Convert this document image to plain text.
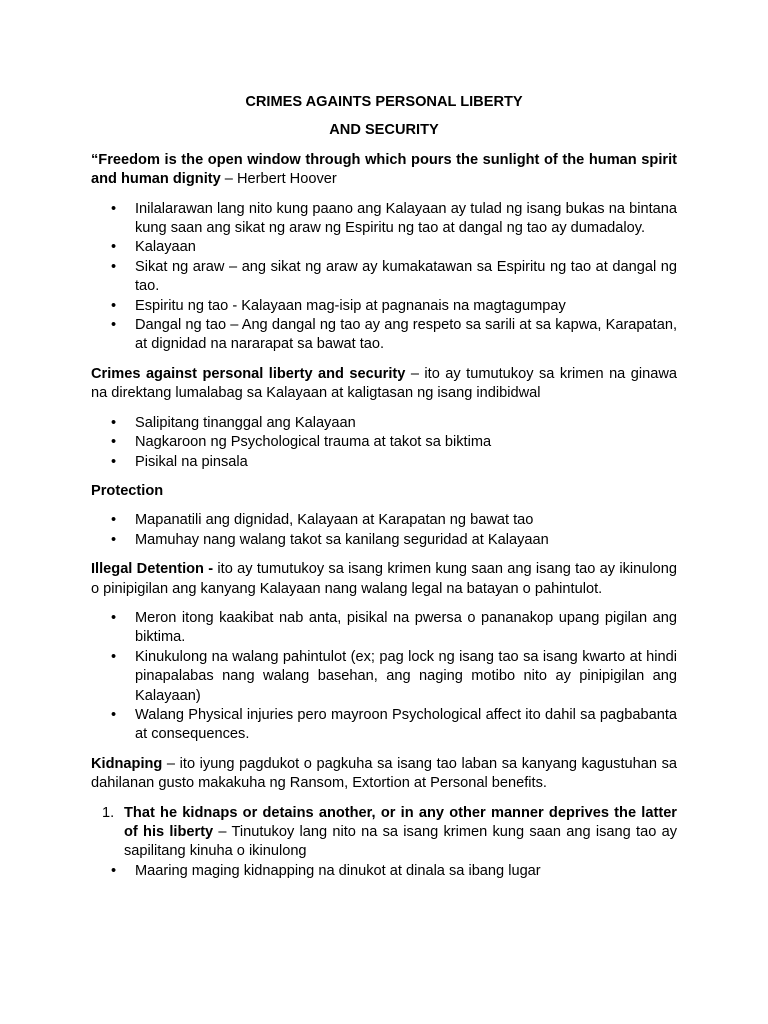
CRIMES AGAINTS PERSONAL LIBERTY

AND SECURITY

“Freedom is the open window through which pours the sunlight of the human spirit and human dignity – Herbert Hoover

• Inilalarawan lang nito kung paano ang Kalayaan ay tulad ng isang bukas na bintana kung saan ang sikat ng araw ng Espiritu ng tao at dangal ng tao ay dumadaloy.
• Kalayaan
• Sikat ng araw – ang sikat ng araw ay kumakatawan sa Espiritu ng tao at dangal ng tao.
• Espiritu ng tao - Kalayaan mag-isip at pagnanais na magtagumpay
• Dangal ng tao – Ang dangal ng tao ay ang respeto sa sarili at sa kapwa, Karapatan, at dignidad na nararapat sa bawat tao.

Crimes against personal liberty and security – ito ay tumutukoy sa krimen na ginawa na direktang lumalabag sa Kalayaan at kaligtasan ng isang indibidwal

• Salipitang tinanggal ang Kalayaan
• Nagkaroon ng Psychological trauma at takot sa biktima
• Pisikal na pinsala

Protection

• Mapanatili ang dignidad, Kalayaan at Karapatan ng bawat tao
• Mamuhay nang walang takot sa kanilang seguridad at Kalayaan

Illegal Detention - ito ay tumutukoy sa isang krimen kung saan ang isang tao ay ikinulong o pinipigilan ang kanyang Kalayaan nang walang legal na batayan o pahintulot.

• Meron itong kaakibat nab anta, pisikal na pwersa o pananakop upang pigilan ang biktima.
• Kinukulong na walang pahintulot (ex; pag lock ng isang tao sa isang kwarto at hindi pinapalabas nang walang basehan, ang naging motibo nito ay pinipigilan ang Kalayaan)
• Walang Physical injuries pero mayroon Psychological affect ito dahil sa pagbabanta at consequences.

Kidnaping – ito iyung pagdukot o pagkuha sa isang tao laban sa kanyang kagustuhan sa dahilanan gusto makakuha ng Ransom, Extortion at Personal benefits.

1. That he kidnaps or detains another, or in any other manner deprives the latter of his liberty – Tinutukoy lang nito na sa isang krimen kung saan ang isang tao ay sapilitang kinuha o ikinulong
• Maaring maging kidnapping na dinukot at dinala sa ibang lugar
